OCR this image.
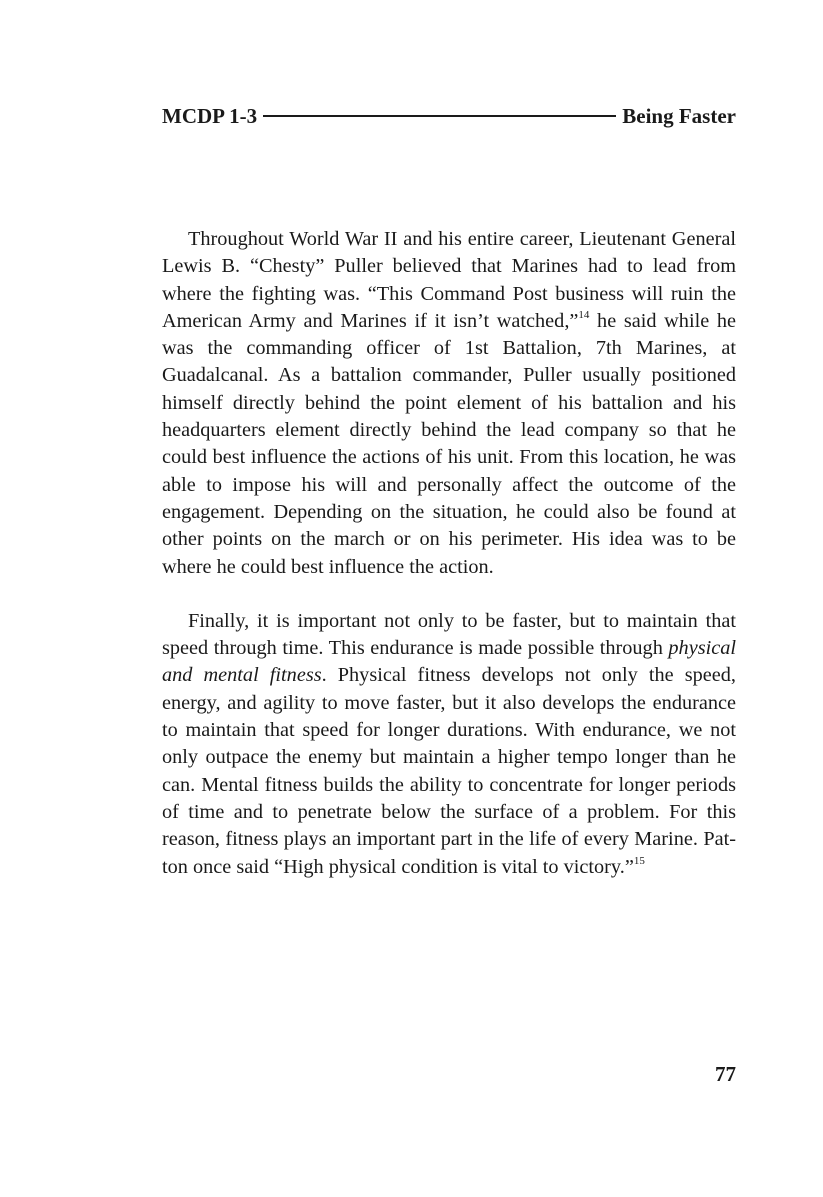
MCDP 1-3	Being Faster

Throughout World War II and his entire career, Lieutenant General Lewis B. “Chesty” Puller believed that Marines had to lead from where the fighting was. “This Command Post business will ruin the American Army and Marines if it isn’t watched,”$^{14}$ he said while he was the commanding officer of 1st Battalion, 7th Marines, at Guadalcanal. As a battalion commander, Puller usually positioned himself directly behind the point element of his battalion and his headquarters element directly behind the lead company so that he could best influence the actions of his unit. From this location, he was able to impose his will and personally affect the outcome of the engagement. Depending on the situation, he could also be found at other points on the march or on his perimeter. His idea was to be where he could best influence the action.

Finally, it is important not only to be faster, but to maintain that speed through time. This endurance is made possible through physical and mental fitness. Physical fitness develops not only the speed, energy, and agility to move faster, but it also develops the endurance to maintain that speed for longer durations. With endurance, we not only outpace the enemy but maintain a higher tempo longer than he can. Mental fitness builds the ability to concentrate for longer periods of time and to penetrate below the surface of a problem. For this reason, fitness plays an important part in the life of every Marine. Patton once said “High physical condition is vital to victory.”$^{15}$

77
